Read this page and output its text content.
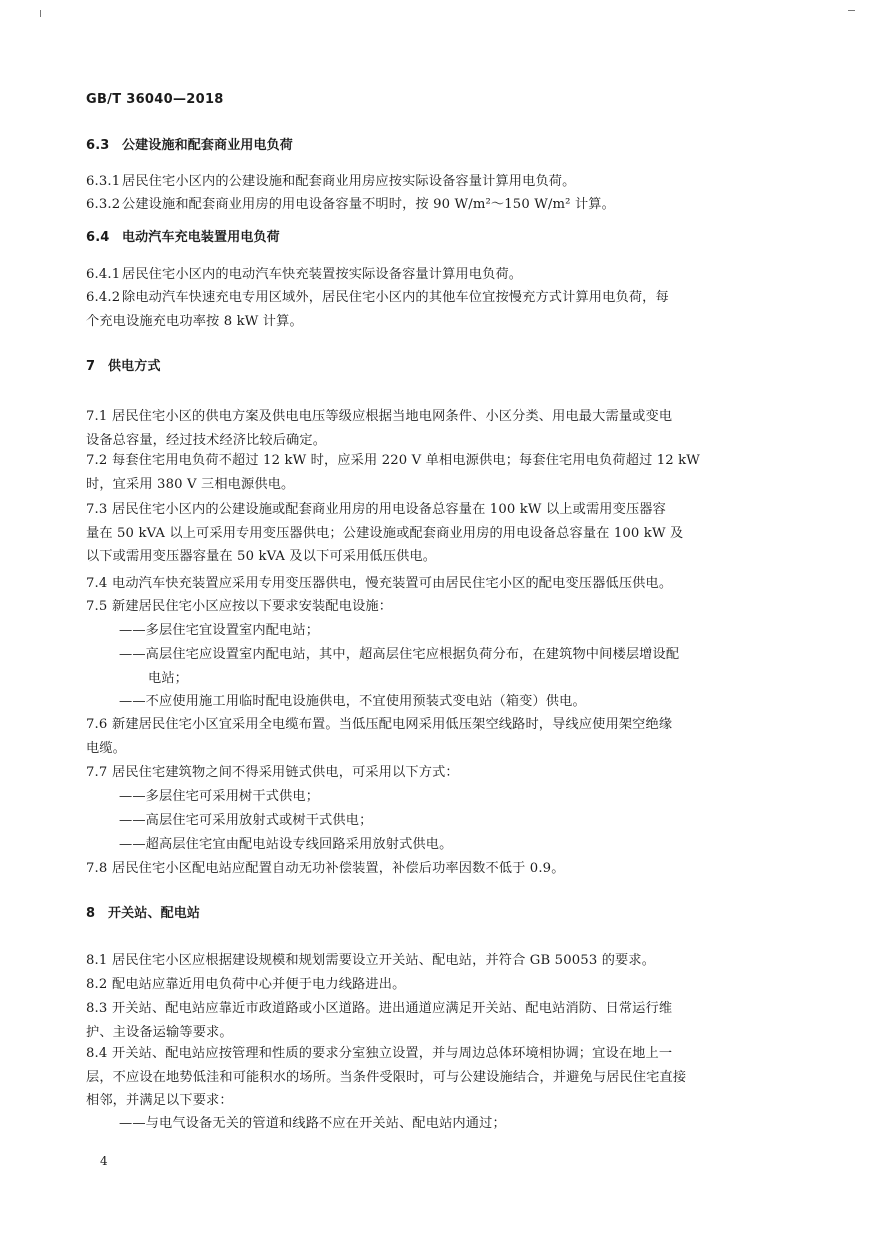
GB/T 36040—2018
6.3 公建设施和配套商业用电负荷
6.3.1 居民住宅小区内的公建设施和配套商业用房应按实际设备容量计算用电负荷。
6.3.2 公建设施和配套商业用房的用电设备容量不明时，按 90 W/m²～150 W/m² 计算。
6.4 电动汽车充电装置用电负荷
6.4.1 居民住宅小区内的电动汽车快充装置按实际设备容量计算用电负荷。
6.4.2 除电动汽车快速充电专用区域外，居民住宅小区内的其他车位宜按慢充方式计算用电负荷，每
个充电设施充电功率按 8 kW 计算。
7 供电方式
7.1 居民住宅小区的供电方案及供电电压等级应根据当地电网条件、小区分类、用电最大需量或变电
设备总容量，经过技术经济比较后确定。
7.2 每套住宅用电负荷不超过 12 kW 时，应采用 220 V 单相电源供电；每套住宅用电负荷超过 12 kW
时，宜采用 380 V 三相电源供电。
7.3 居民住宅小区内的公建设施或配套商业用房的用电设备总容量在 100 kW 以上或需用变压器容
量在 50 kVA 以上可采用专用变压器供电；公建设施或配套商业用房的用电设备总容量在 100 kW 及
以下或需用变压器容量在 50 kVA 及以下可采用低压供电。
7.4 电动汽车快充装置应采用专用变压器供电，慢充装置可由居民住宅小区的配电变压器低压供电。
7.5 新建居民住宅小区应按以下要求安装配电设施：
——多层住宅宜设置室内配电站；
——高层住宅应设置室内配电站，其中，超高层住宅应根据负荷分布，在建筑物中间楼层增设配
电站；
——不应使用施工用临时配电设施供电，不宜使用预装式变电站（箱变）供电。
7.6 新建居民住宅小区宜采用全电缆布置。当低压配电网采用低压架空线路时，导线应使用架空绝缘
电缆。
7.7 居民住宅建筑物之间不得采用链式供电，可采用以下方式：
——多层住宅可采用树干式供电；
——高层住宅可采用放射式或树干式供电；
——超高层住宅宜由配电站设专线回路采用放射式供电。
7.8 居民住宅小区配电站应配置自动无功补偿装置，补偿后功率因数不低于 0.9。
8 开关站、配电站
8.1 居民住宅小区应根据建设规模和规划需要设立开关站、配电站，并符合 GB 50053 的要求。
8.2 配电站应靠近用电负荷中心并便于电力线路进出。
8.3 开关站、配电站应靠近市政道路或小区道路。进出通道应满足开关站、配电站消防、日常运行维
护、主设备运输等要求。
8.4 开关站、配电站应按管理和性质的要求分室独立设置，并与周边总体环境相协调；宜设在地上一
层，不应设在地势低洼和可能积水的场所。当条件受限时，可与公建设施结合，并避免与居民住宅直接
相邻，并满足以下要求：
——与电气设备无关的管道和线路不应在开关站、配电站内通过；
4
